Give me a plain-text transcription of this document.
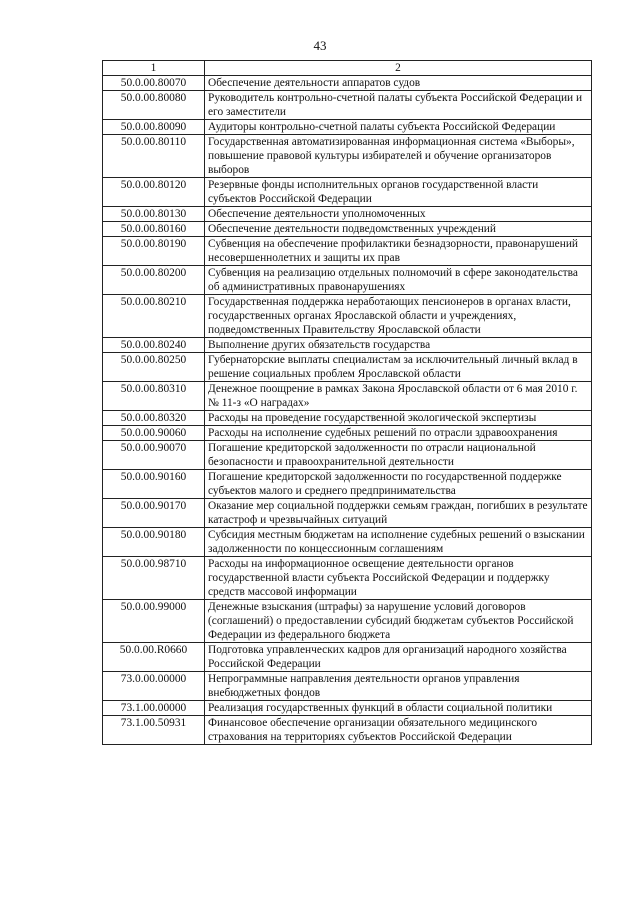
43
1	2
50.0.00.80070	Обеспечение деятельности аппаратов судов
50.0.00.80080	Руководитель контрольно-счетной палаты субъекта Российской Федерации и его заместители
50.0.00.80090	Аудиторы контрольно-счетной палаты субъекта Российской Федерации
50.0.00.80110	Государственная автоматизированная информационная система «Выборы», повышение правовой культуры избирателей и обучение организаторов выборов
50.0.00.80120	Резервные фонды исполнительных органов государственной власти субъектов Российской Федерации
50.0.00.80130	Обеспечение деятельности уполномоченных
50.0.00.80160	Обеспечение деятельности подведомственных учреждений
50.0.00.80190	Субвенция на обеспечение профилактики безнадзорности, правонарушений несовершеннолетних и защиты их прав
50.0.00.80200	Субвенция на реализацию отдельных полномочий в сфере законодательства об административных правонарушениях
50.0.00.80210	Государственная поддержка неработающих пенсионеров в органах власти, государственных органах Ярославской области и учреждениях, подведомственных Правительству Ярославской области
50.0.00.80240	Выполнение других обязательств государства
50.0.00.80250	Губернаторские выплаты специалистам за исключительный личный вклад в решение социальных проблем Ярославской области
50.0.00.80310	Денежное поощрение в рамках Закона Ярославской области от 6 мая 2010 г. № 11-з «О наградах»
50.0.00.80320	Расходы на проведение государственной экологической экспертизы
50.0.00.90060	Расходы на исполнение судебных решений по отрасли здравоохранения
50.0.00.90070	Погашение кредиторской задолженности по отрасли национальной безопасности и правоохранительной деятельности
50.0.00.90160	Погашение кредиторской задолженности по государственной поддержке субъектов малого и среднего предпринимательства
50.0.00.90170	Оказание мер социальной поддержки семьям граждан, погибших в результате катастроф и чрезвычайных ситуаций
50.0.00.90180	Субсидия местным бюджетам на исполнение судебных решений о взыскании задолженности по концессионным соглашениям
50.0.00.98710	Расходы на информационное освещение деятельности органов государственной власти субъекта Российской Федерации и поддержку средств массовой информации
50.0.00.99000	Денежные взыскания (штрафы) за нарушение условий договоров (соглашений) о предоставлении субсидий бюджетам субъектов Российской Федерации из федерального бюджета
50.0.00.R0660	Подготовка управленческих кадров для организаций народного хозяйства Российской Федерации
73.0.00.00000	Непрограммные направления деятельности органов управления внебюджетных фондов
73.1.00.00000	Реализация государственных функций в области социальной политики
73.1.00.50931	Финансовое обеспечение организации обязательного медицинского страхования на территориях субъектов Российской Федерации
